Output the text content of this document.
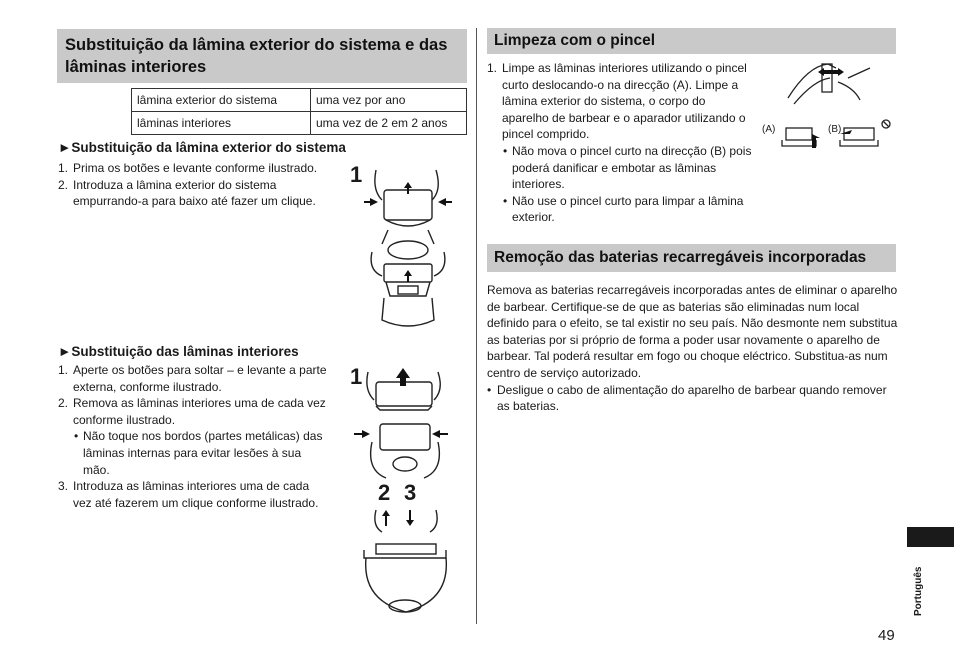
Substituição da lâmina exterior do sistema e das lâminas interiores
lâmina exterior do sistema	uma vez por ano
lâminas interiores	uma vez de 2 em 2 anos
►Substituição da lâmina exterior do sistema
1. Prima os botões e levante conforme ilustrado.
2. Introduza a lâmina exterior do sistema empurrando-a para baixo até fazer um clique.
1
►Substituição das lâminas interiores
1. Aperte os botões para soltar – e levante a parte externa, conforme ilustrado.
2. Remova as lâminas interiores uma de cada vez conforme ilustrado.
• Não toque nos bordos (partes metálicas) das lâminas internas para evitar lesões à sua mão.
3. Introduza as lâminas interiores uma de cada vez até fazerem um clique conforme ilustrado.
1
2 3
Limpeza com o pincel
1. Limpe as lâminas interiores utilizando o pincel curto deslocando-o na direcção (A). Limpe a lâmina exterior do sistema, o corpo do aparelho de barbear e o aparador utilizando o pincel comprido.
• Não mova o pincel curto na direcção (B) pois poderá danificar e embotar as lâminas interiores.
• Não use o pincel curto para limpar a lâmina exterior.
(A)	(B)
Remoção das baterias recarregáveis incorporadas
Remova as baterias recarregáveis incorporadas antes de eliminar o aparelho de barbear. Certifique-se de que as baterias são eliminadas num local definido para o efeito, se tal existir no seu país. Não desmonte nem substitua as baterias por si próprio de forma a poder usar novamente o aparelho de barbear. Tal poderá resultar em fogo ou choque eléctrico. Substitua-as num centro de serviço autorizado.
• Desligue o cabo de alimentação do aparelho de barbear quando remover as baterias.
Português
49
